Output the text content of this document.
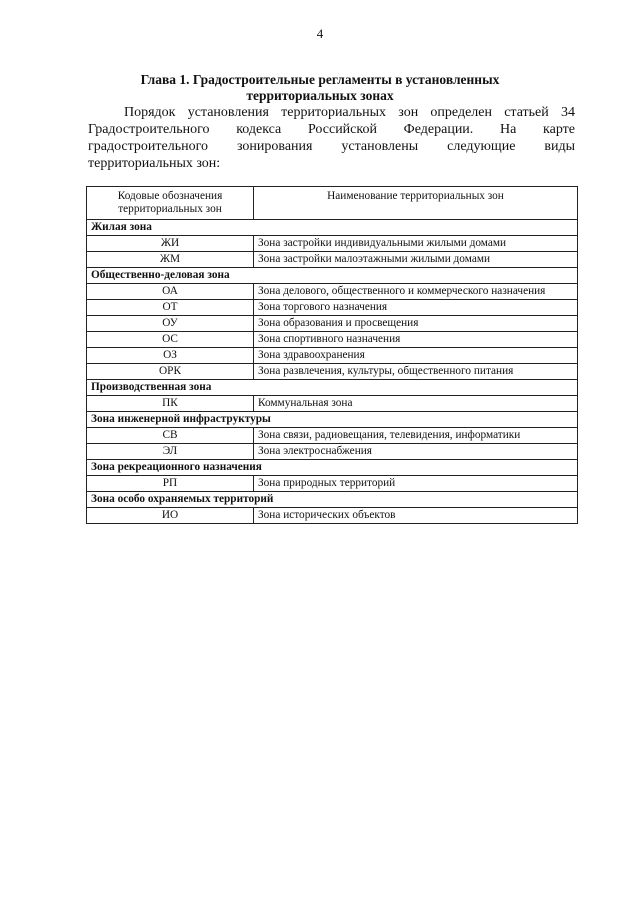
4
Глава 1. Градостроительные регламенты в установленных территориальных зонах
Порядок установления территориальных зон определен статьей 34 Градостроительного кодекса Российской Федерации. На карте градостроительного зонирования установлены следующие виды территориальных зон:
Кодовые обозначения территориальных зон	Наименование территориальных зон
Жилая зона	
ЖИ	Зона застройки индивидуальными жилыми домами
ЖМ	Зона застройки малоэтажными жилыми домами
Общественно-деловая зона	
ОА	Зона делового, общественного и коммерческого назначения
ОТ	Зона торгового назначения
ОУ	Зона образования и просвещения
ОС	Зона спортивного назначения
ОЗ	Зона здравоохранения
ОРК	Зона развлечения, культуры, общественного питания
Производственная зона	
ПК	Коммунальная зона
Зона инженерной инфраструктуры	
СВ	Зона связи, радиовещания, телевидения, информатики
ЭЛ	Зона электроснабжения
Зона рекреационного назначения	
РП	Зона природных территорий
Зона особо охраняемых территорий	
ИО	Зона исторических объектов
